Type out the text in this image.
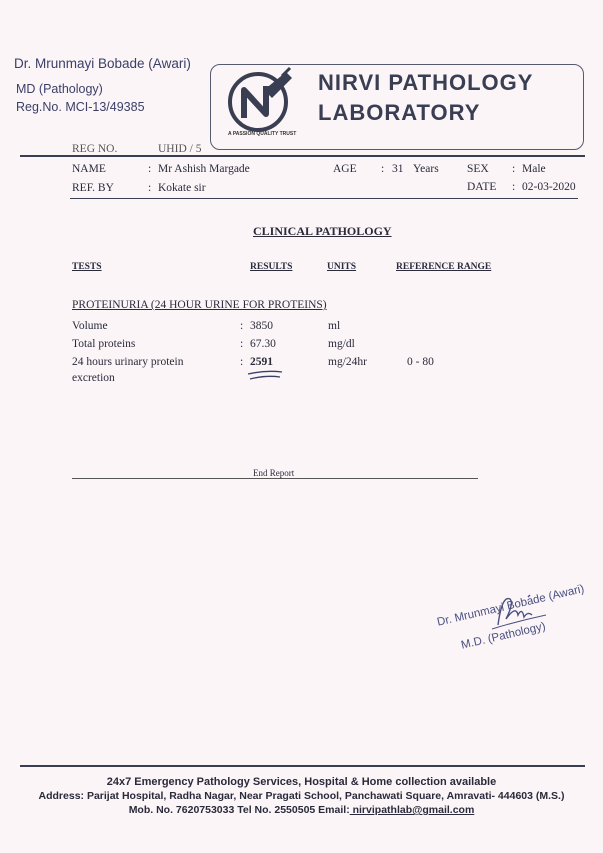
Dr. Mrunmayi Bobade (Awari)
MD (Pathology)
Reg.No. MCI-13/49385
A PASSION QUALITY TRUST
NIRVI PATHOLOGY
LABORATORY
REG NO.	UHID / 5
NAME	: Mr Ashish Margade	AGE : 31 Years SEX : Male
REF. BY	: Kokate sir	DATE : 02-03-2020
CLINICAL PATHOLOGY
TESTS	RESULTS	UNITS	REFERENCE RANGE
PROTEINURIA (24 HOUR URINE FOR PROTEINS)
Volume	: 3850	ml
Total proteins	: 67.30	mg/dl
24 hours urinary protein
excretion
: 2591	mg/24hr	0 - 80
End Report
Dr. Mrunmayi Bobade (Awari)
M.D. (Pathology)
24x7 Emergency Pathology Services, Hospital & Home collection available
Address: Parijat Hospital, Radha Nagar, Near Pragati School, Panchawati Square, Amravati- 444603 (M.S.)
Mob. No. 7620753033 Tel No. 2550505 Email: nirvipathlab@gmail.com
